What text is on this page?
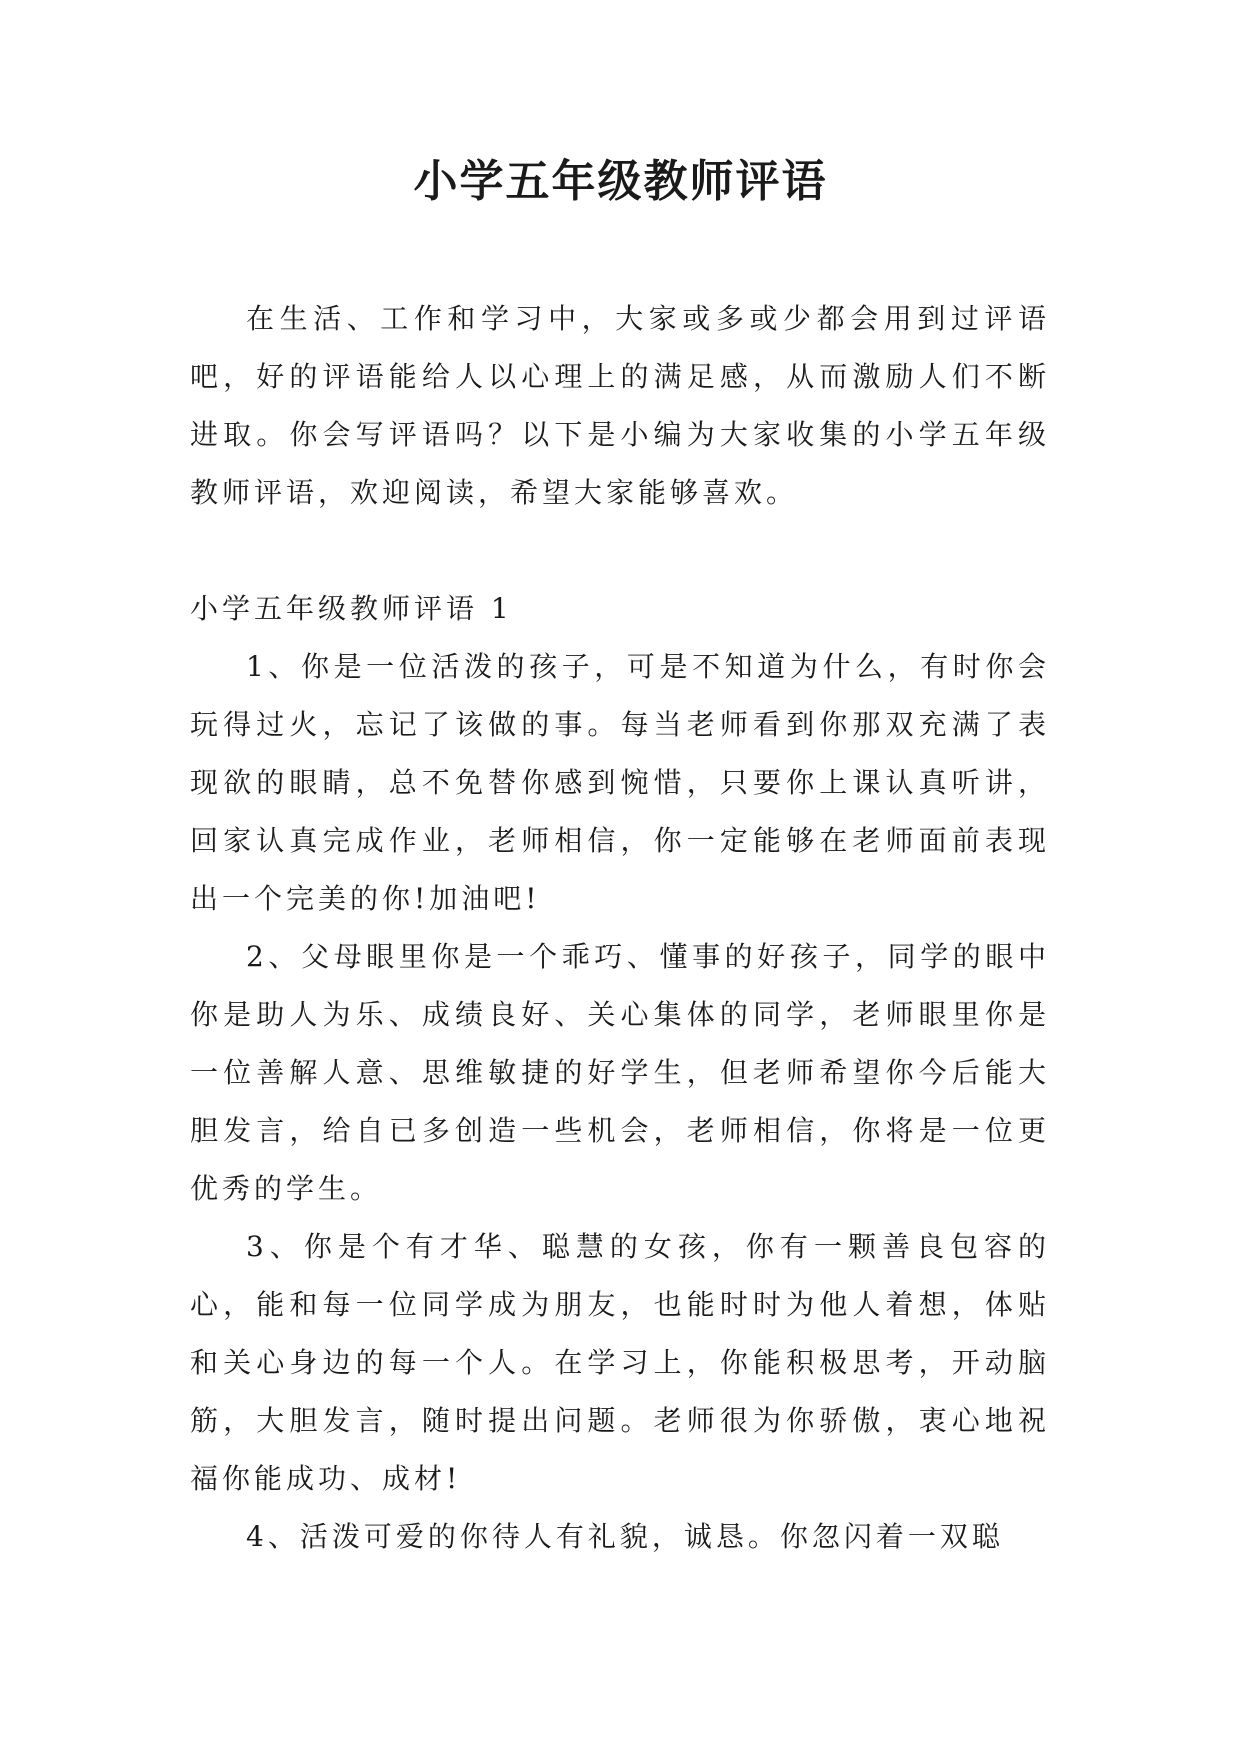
小学五年级教师评语

在生活、工作和学习中，大家或多或少都会用到过评语吧，好的评语能给人以心理上的满足感，从而激励人们不断进取。你会写评语吗？以下是小编为大家收集的小学五年级教师评语，欢迎阅读，希望大家能够喜欢。

小学五年级教师评语 1

1、你是一位活泼的孩子，可是不知道为什么，有时你会玩得过火，忘记了该做的事。每当老师看到你那双充满了表现欲的眼睛，总不免替你感到惋惜，只要你上课认真听讲，回家认真完成作业，老师相信，你一定能够在老师面前表现出一个完美的你!加油吧!

2、父母眼里你是一个乖巧、懂事的好孩子，同学的眼中你是助人为乐、成绩良好、关心集体的同学，老师眼里你是一位善解人意、思维敏捷的好学生，但老师希望你今后能大胆发言，给自已多创造一些机会，老师相信，你将是一位更优秀的学生。

3、你是个有才华、聪慧的女孩，你有一颗善良包容的心，能和每一位同学成为朋友，也能时时为他人着想，体贴和关心身边的每一个人。在学习上，你能积极思考，开动脑筋，大胆发言，随时提出问题。老师很为你骄傲，衷心地祝福你能成功、成材!

4、活泼可爱的你待人有礼貌，诚恳。你忽闪着一双聪
